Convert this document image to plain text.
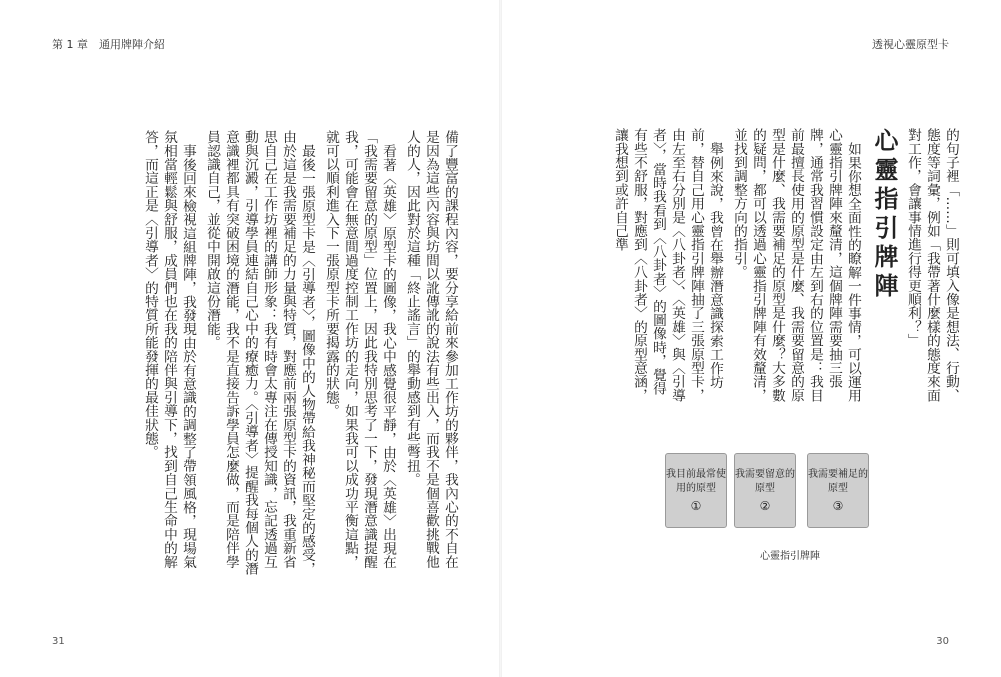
第 1 章　通用牌陣介紹

備了豐富的課程內容，要分享給前來參加工作坊的夥伴，我內心的不自在是因為這些內容與坊間以訛傳訛的說法有些出入，而我不是個喜歡挑戰他人的人，因此對於這種「終止謠言」的舉動感到有些彆扭。

看著〈英雄〉原型卡的圖像，我心中感覺很平靜，由於〈英雄〉出現在「我需要留意的原型」位置上，因此我特別思考了一下，發現潛意識提醒我，可能會在無意間過度控制工作坊的走向，如果我可以成功平衡這點，就可以順利進入下一張原型卡所要揭露的狀態。

最後一張原型卡是〈引導者〉，圖像中的人物帶給我神秘而堅定的感受，由於這是我需要補足的力量與特質，對應前兩張原型卡的資訊，我重新省思自己在工作坊裡的講師形象：我有時會太專注在傳授知識，忘記透過互動與沉澱，引導學員連結自己心中的療癒力。〈引導者〉提醒我每個人的潛意識裡都具有突破困境的潛能，我不是直接告訴學員怎麼做，而是陪伴學員認識自己，並從中開啟這份潛能。

事後回來檢視這組牌陣，我發現由於有意識的調整了帶領風格，現場氣氛相當輕鬆與舒服，成員們也在我的陪伴與引導下，找到自己生命中的解答，而這正是〈引導者〉的特質所能發揮的最佳狀態。

31
透視心靈原型卡

的句子裡「……」則可填入像是想法、行動、態度等詞彙，例如「我帶著什麼樣的態度來面對工作，會讓事情進行得更順利？」

心靈指引牌陣

如果你想全面性的瞭解一件事情，可以運用心靈指引牌陣來釐清，這個牌陣需要抽三張牌，通常我習慣設定由左到右的位置是：我目前最擅長使用的原型是什麼、我需要留意的原型是什麼、我需要補足的原型是什麼？大多數的疑問，都可以透過心靈指引牌陣有效釐清，並找到調整方向的指引。

舉例來說，我曾在舉辦潛意識探索工作坊前，替自己用心靈指引牌陣抽了三張原型卡，由左至右分別是〈八卦者〉、〈英雄〉與〈引導者〉，當時我看到〈八卦者〉的圖像時，覺得有些不舒服，對應到〈八卦者〉的原型意涵，讓我想到或許自己準

我目前最常使用的原型
①
我需要留意的原型
②
我需要補足的原型
③
心靈指引牌陣
30
